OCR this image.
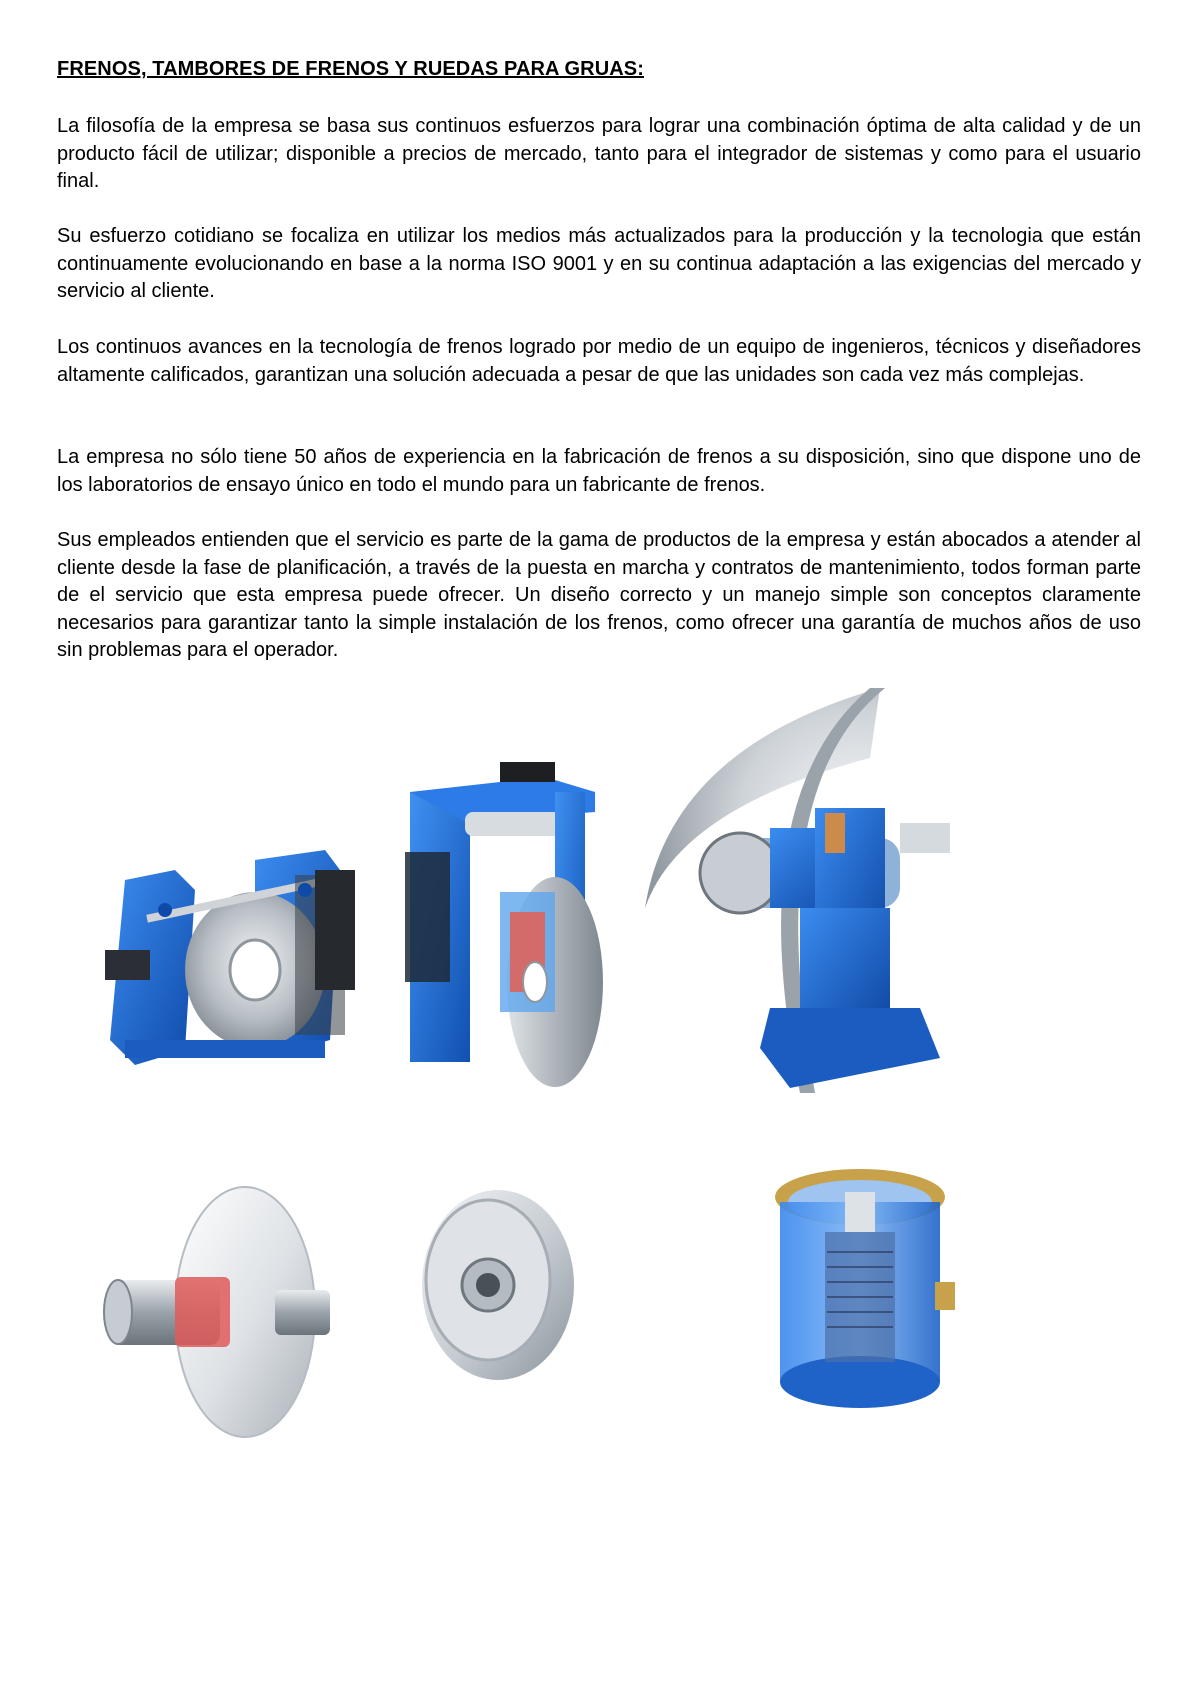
FRENOS, TAMBORES DE FRENOS Y RUEDAS PARA GRUAS:

La filosofía de la empresa se basa sus continuos esfuerzos para lograr una combinación óptima de alta calidad y de un producto fácil de utilizar; disponible a precios de mercado, tanto para el integrador de sistemas y como para el usuario final.

Su esfuerzo cotidiano se focaliza en utilizar los medios más actualizados para la producción y la tecnologia que están continuamente evolucionando en base a la norma ISO 9001 y en su continua adaptación a las exigencias del mercado y servicio al cliente.

Los continuos avances en la tecnología de frenos logrado por medio de un equipo de ingenieros, técnicos y diseñadores altamente calificados, garantizan una solución adecuada a pesar de que las unidades son cada vez más complejas.

La empresa no sólo tiene 50 años de experiencia en la fabricación de frenos a su disposición, sino que dispone uno de los laboratorios de ensayo único en todo el mundo para un fabricante de frenos.

Sus empleados entienden que el servicio es parte de la gama de productos de la empresa y están abocados a atender al cliente desde la fase de planificación, a través de la puesta en marcha y contratos de mantenimiento, todos forman parte de el servicio que esta empresa puede ofrecer. Un diseño correcto y un manejo simple son conceptos claramente necesarios para garantizar tanto la simple instalación de los frenos, como ofrecer una garantía de muchos años de uso sin problemas para el operador.
